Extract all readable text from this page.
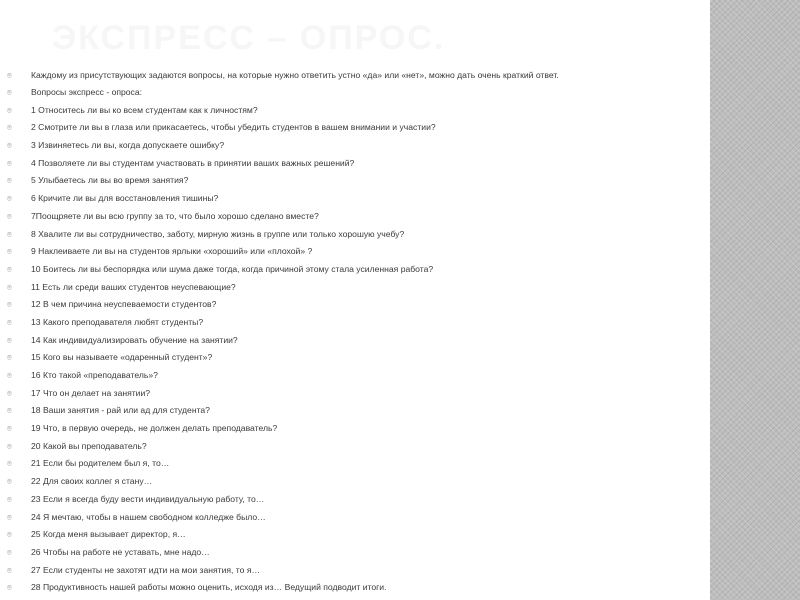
ЭКСПРЕСС – ОПРОС.
⌾ Каждому из присутствующих задаются вопросы, на которые нужно ответить устно «да» или «нет», можно дать очень краткий ответ.
⌾ Вопросы экспресс - опроса:
⌾ 1 Относитесь ли вы ко всем студентам как к личностям?
⌾ 2 Смотрите ли вы в глаза или прикасаетесь, чтобы убедить студентов в вашем внимании и участии?
⌾ 3 Извиняетесь ли вы, когда допускаете ошибку?
⌾ 4 Позволяете ли вы студентам участвовать в принятии ваших важных решений?
⌾ 5 Улыбаетесь ли вы во время занятия?
⌾ 6 Кричите ли вы для восстановления тишины?
⌾ 7Поощряете ли вы всю группу за то, что было хорошо сделано вместе?
⌾ 8 Хвалите ли вы сотрудничество, заботу, мирную жизнь в группе или только хорошую учебу?
⌾ 9 Наклеиваете ли вы на студентов ярлыки «хороший» или «плохой» ?
⌾ 10 Боитесь ли вы беспорядка или шума даже тогда, когда причиной этому стала усиленная работа?
⌾ 11 Есть ли среди ваших студентов неуспевающие?
⌾ 12 В чем причина неуспеваемости студентов?
⌾ 13 Какого преподавателя любят студенты?
⌾ 14 Как индивидуализировать обучение на занятии?
⌾ 15 Кого вы называете «одаренный студент»?
⌾ 16 Кто такой «преподаватель»?
⌾ 17 Что он делает на занятии?
⌾ 18 Ваши занятия - рай или ад для студента?
⌾ 19 Что, в первую очередь, не должен делать преподаватель?
⌾ 20 Какой вы преподаватель?
⌾ 21 Если бы родителем был я, то…
⌾ 22 Для своих коллег я стану…
⌾ 23 Если я всегда буду вести индивидуальную работу, то…
⌾ 24 Я мечтаю, чтобы в нашем свободном колледже было…
⌾ 25 Когда меня вызывает директор, я…
⌾ 26 Чтобы на работе не уставать, мне надо…
⌾ 27 Если студенты не захотят идти на мои занятия, то я…
⌾ 28 Продуктивность нашей работы можно оценить, исходя из… Ведущий подводит итоги.
